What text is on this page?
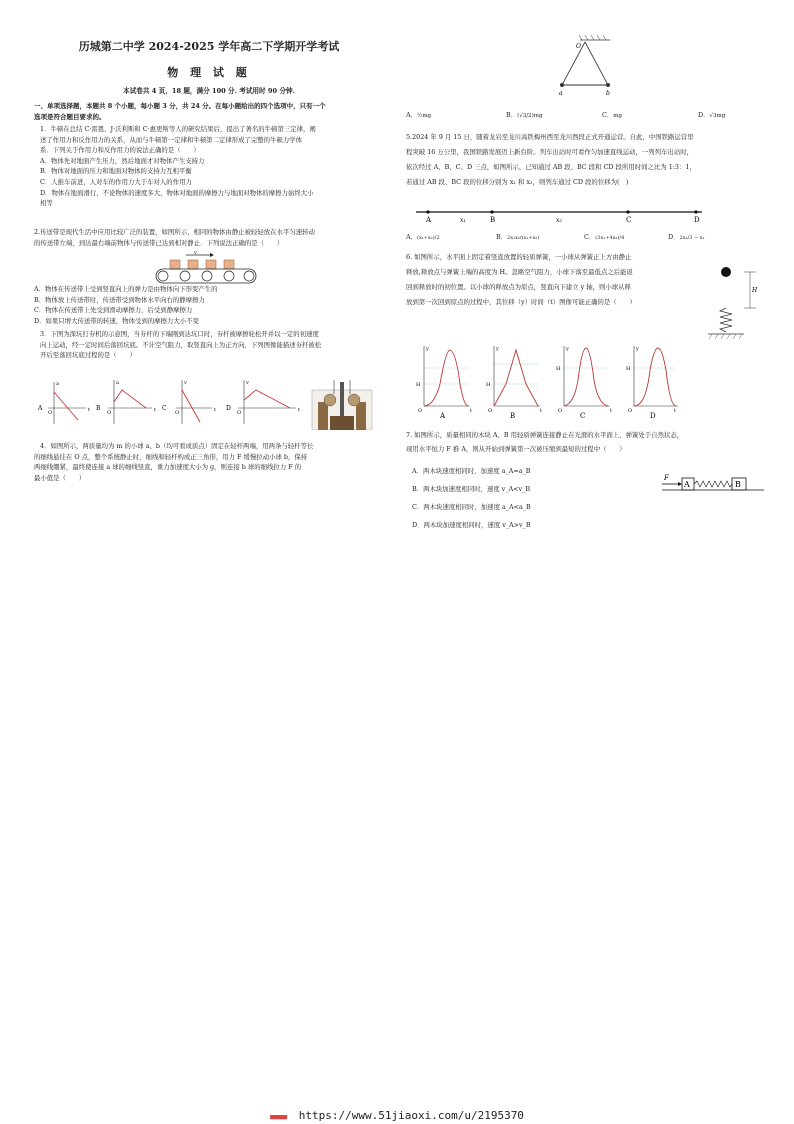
历城第二中学 2024-2025 学年高二下学期开学考试
物 理 试 题
本试卷共 4 页，18 题，满分 100 分. 考试用时 90 分钟.
一、单项选择题，本题共 8 个小题，每小题 3 分，共 24 分。在每小题给出的四个选项中，只有一个
选项是符合题目要求的。
1．牛顿在总结 C·雷恩、J·沃利斯和 C·惠更斯等人的研究结果后，提出了著名的牛顿第三定律，阐
述了作用力和反作用力的关系，从而与牛顿第一定律和牛顿第二定律形成了完整的牛顿力学体
系．下列关于作用力和反作用力的说法正确的是（　　）
A．物体先对地面产生压力，然后地面才对物体产生支持力
B．物体对地面的压力和地面对物体的支持力互相平衡
C．人推车前进，人对车的作用力大于车对人的作用力
D．物体在地面滑行，不论物体的速度多大，物体对地面的摩擦力与地面对物体的摩擦力始终大小
相等
2.传送带是现代生活中应用比较广泛的装置，如图所示，相同的物体由静止被轻轻放在水平匀速转动
的传送带左端，到达最右端前物体与传送带已达到相对静止．下列说法正确的是（　　）
v
A．物体在传送带上受到竖直向上的弹力是由物体向下形变产生的
B．物体放上传送带时，传送带受到物体水平向右的静摩擦力
C．物体在传送带上先受到滑动摩擦力，后受到静摩擦力
D．如果只增大传送带的转速，物体受到的摩擦力大小不变
3．下图为深坑打夯机的示意图，当夯杆的下端刚到达坑口时，夯杆被摩擦轮松开并以一定的初速度
向上运动，经一定时间后落回坑底。不计空气阻力，取竖直向上为正方向，下列图像能描述夯杆被松
开后至落回坑底过程的是（　　）
A
a
O	t B
a
O	t C
v
O	t D
v
O	t
4．如图所示，两质量均为 m 的小球 a、b（均可看成质点）固定在轻杆两端，用两条与轻杆等长
的细线悬挂在 O 点，整个系统静止时，细线和轻杆构成正三角形，用力 F 缓慢拉动小球 b，保持
两细线绷紧，最终使连接 a 球的细线竖直，重力加速度大小为 g，则连接 b 球的细线拉力 F 的
最小值是（　　）
O
a	b
A．½mg	B．(√3/2)mg	C．mg	D．√3mg
5.2024 年 9 月 15 日，随着龙岩至龙川高铁梅州西至龙川西段正式开通运营。自此，中国铁路运营里
程突破 16 万公里，我国铁路发展迈上新台阶。列车出站时可看作匀加速直线运动，一列列车出站时，
依次经过 A、B、C、D 三点，如图所示，已知通过 AB 段、BC 段和 CD 段所用时间之比为 1:3：1，
若通过 AB 段、BC 段的位移分别为 x₁ 和 x₂，则列车通过 CD 段的位移为(　)
A	B	C	D
x₁	x₂
A．(x₁+x₂)/2	B．2x₁x₂/(x₁+x₂)	C．(3x₁+4x₂)/4	D．2x₂/3 − x₁
6. 如图所示，水平面上固定着竖直放置的轻质弹簧，一小球从弹簧正上方由静止
释放,释放点与弹簧上端的高度为 H。忽略空气阻力，小球下落至最低点之后能返
回到释放时的初位置。以小球的释放点为原点，竖直向下建立 y 轴，则小球从释
放到第一次回到原点的过程中，其位移（y）时间（t）图像可能正确的是（　　）
H
y
O	t
H
A
y
O	t
H
B
y
O	t
H
C
y
O	t
H
D
7. 如图所示，质量相同的木块 A、B 用轻质弹簧连接静止在光滑的水平面上，弹簧处于自然状态，
现用水平恒力 F 推 A，则从开始到弹簧第一次被压缩到最短的过程中（　　）
A．两木块速度相同时，加速度 a_A=a_B
B．两木块加速度相同时，速度 v_A<v_B
C．两木块速度相同时，加速度 a_A<a_B
D．两木块加速度相同时，速度 v_A>v_B
F
A	B
■■■■■ https://www.51jiaoxi.com/u/2195370
